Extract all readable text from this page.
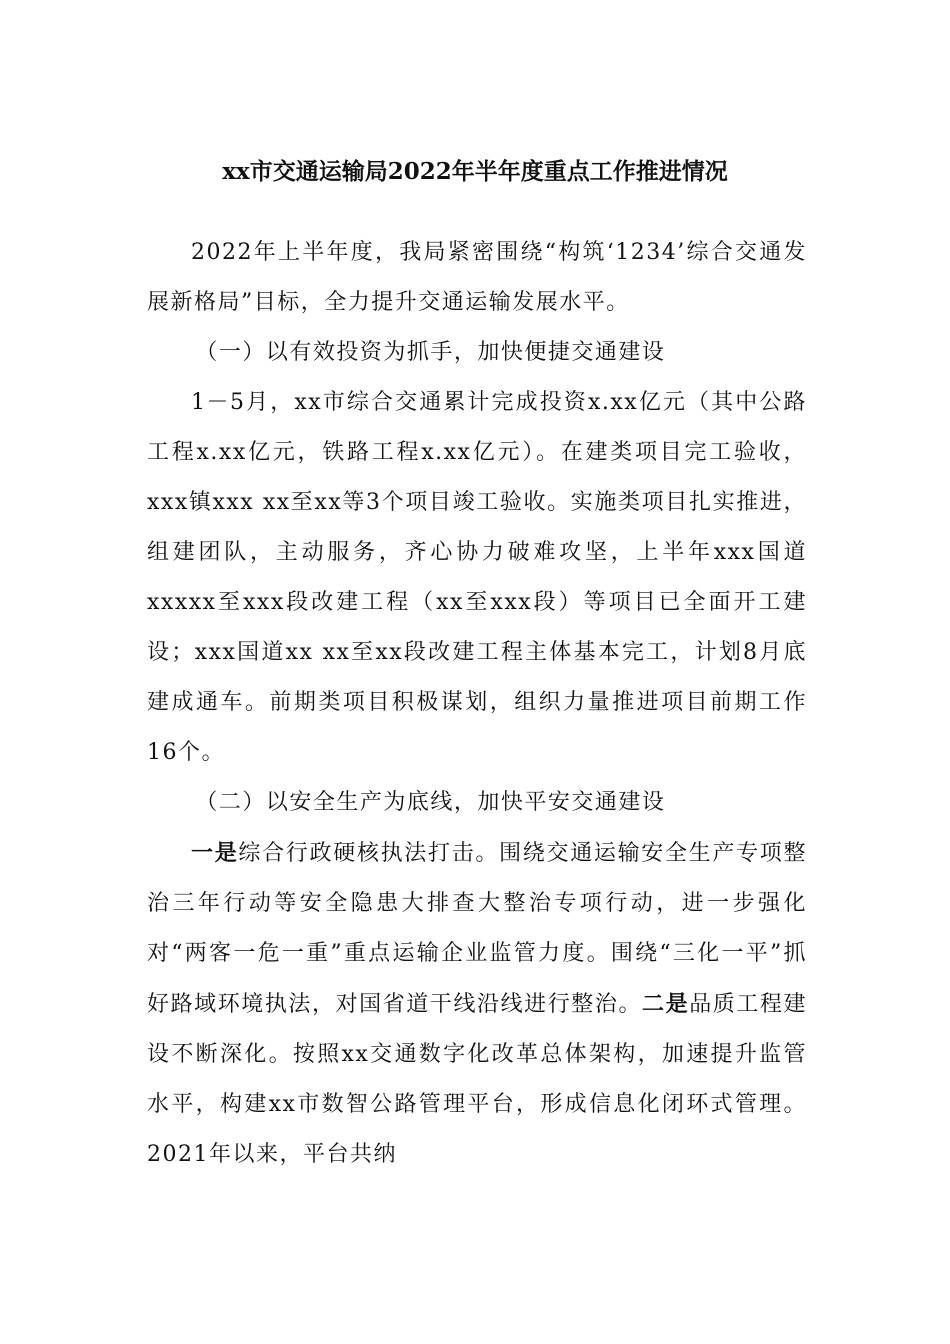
xx市交通运输局2022年半年度重点工作推进情况

2022年上半年度，我局紧密围绕“构筑‘1234’综合交通发展新格局”目标，全力提升交通运输发展水平。

（一）以有效投资为抓手，加快便捷交通建设

1－5月，xx市综合交通累计完成投资x.xx亿元（其中公路工程x.xx亿元，铁路工程x.xx亿元）。在建类项目完工验收，xxx镇xxx xx至xx等3个项目竣工验收。实施类项目扎实推进，组建团队，主动服务，齐心协力破难攻坚，上半年xxx国道xxxxx至xxx段改建工程（xx至xxx段）等项目已全面开工建设；xxx国道xx xx至xx段改建工程主体基本完工，计划8月底建成通车。前期类项目积极谋划，组织力量推进项目前期工作16个。

（二）以安全生产为底线，加快平安交通建设

一是综合行政硬核执法打击。围绕交通运输安全生产专项整治三年行动等安全隐患大排查大整治专项行动，进一步强化对“两客一危一重”重点运输企业监管力度。围绕“三化一平”抓好路域环境执法，对国省道干线沿线进行整治。二是品质工程建设不断深化。按照xx交通数字化改革总体架构，加速提升监管水平，构建xx市数智公路管理平台，形成信息化闭环式管理。2021年以来，平台共纳
